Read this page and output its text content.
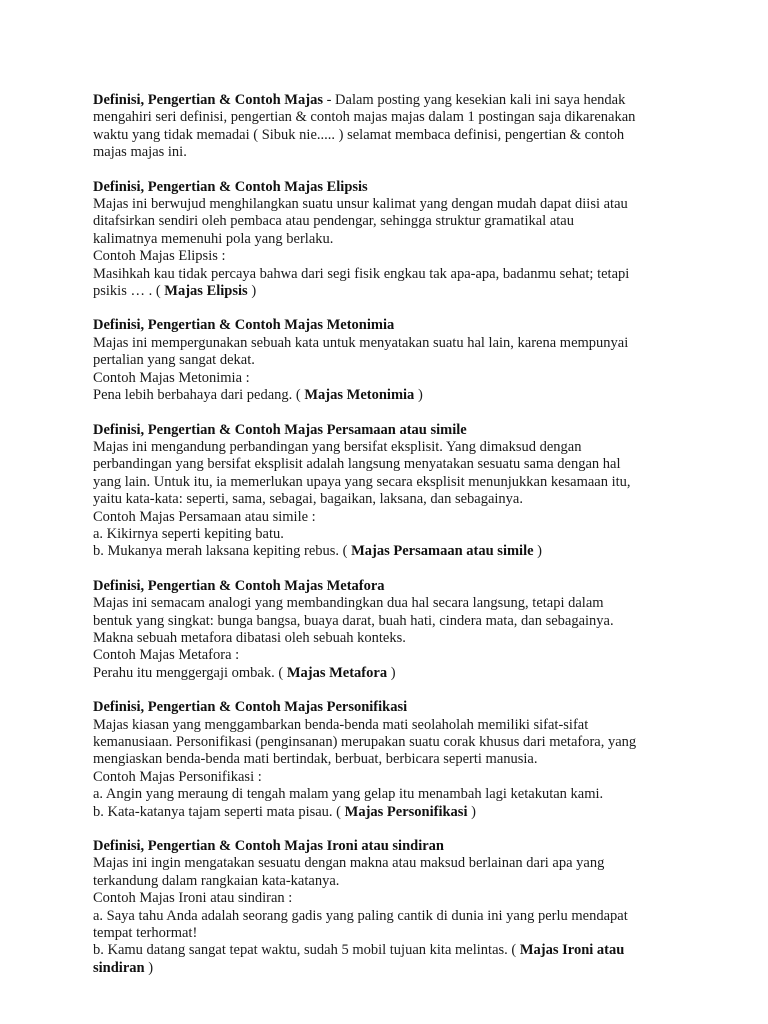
Definisi, Pengertian & Contoh Majas - Dalam posting yang kesekian kali ini saya hendak
mengahiri seri definisi, pengertian & contoh majas majas dalam 1 postingan saja dikarenakan
waktu yang tidak memadai ( Sibuk nie..... ) selamat membaca definisi, pengertian & contoh
majas majas ini.
Definisi, Pengertian & Contoh Majas Elipsis
Majas ini berwujud menghilangkan suatu unsur kalimat yang dengan mudah dapat diisi atau
ditafsirkan sendiri oleh pembaca atau pendengar, sehingga struktur gramatikal atau
kalimatnya memenuhi pola yang berlaku.
Contoh Majas Elipsis :
Masihkah kau tidak percaya bahwa dari segi fisik engkau tak apa-apa, badanmu sehat; tetapi
psikis … . ( Majas Elipsis )
Definisi, Pengertian & Contoh Majas Metonimia
Majas ini mempergunakan sebuah kata untuk menyatakan suatu hal lain, karena mempunyai
pertalian yang sangat dekat.
Contoh Majas Metonimia :
Pena lebih berbahaya dari pedang. ( Majas Metonimia )
Definisi, Pengertian & Contoh Majas Persamaan atau simile
Majas ini mengandung perbandingan yang bersifat eksplisit. Yang dimaksud dengan
perbandingan yang bersifat eksplisit adalah langsung menyatakan sesuatu sama dengan hal
yang lain. Untuk itu, ia memerlukan upaya yang secara eksplisit menunjukkan kesamaan itu,
yaitu kata-kata: seperti, sama, sebagai, bagaikan, laksana, dan sebagainya.
Contoh Majas Persamaan atau simile :
a. Kikirnya seperti kepiting batu.
b. Mukanya merah laksana kepiting rebus. ( Majas Persamaan atau simile )
Definisi, Pengertian & Contoh Majas Metafora
Majas ini semacam analogi yang membandingkan dua hal secara langsung, tetapi dalam
bentuk yang singkat: bunga bangsa, buaya darat, buah hati, cindera mata, dan sebagainya.
Makna sebuah metafora dibatasi oleh sebuah konteks.
Contoh Majas Metafora :
Perahu itu menggergaji ombak. ( Majas Metafora )
Definisi, Pengertian & Contoh Majas Personifikasi
Majas kiasan yang menggambarkan benda-benda mati seolaholah memiliki sifat-sifat
kemanusiaan. Personifikasi (penginsanan) merupakan suatu corak khusus dari metafora, yang
mengiaskan benda-benda mati bertindak, berbuat, berbicara seperti manusia.
Contoh Majas Personifikasi :
a. Angin yang meraung di tengah malam yang gelap itu menambah lagi ketakutan kami.
b. Kata-katanya tajam seperti mata pisau. ( Majas Personifikasi )
Definisi, Pengertian & Contoh Majas Ironi atau sindiran
Majas ini ingin mengatakan sesuatu dengan makna atau maksud berlainan dari apa yang
terkandung dalam rangkaian kata-katanya.
Contoh Majas Ironi atau sindiran :
a. Saya tahu Anda adalah seorang gadis yang paling cantik di dunia ini yang perlu mendapat
tempat terhormat!
b. Kamu datang sangat tepat waktu, sudah 5 mobil tujuan kita melintas. ( Majas Ironi atau
sindiran )
